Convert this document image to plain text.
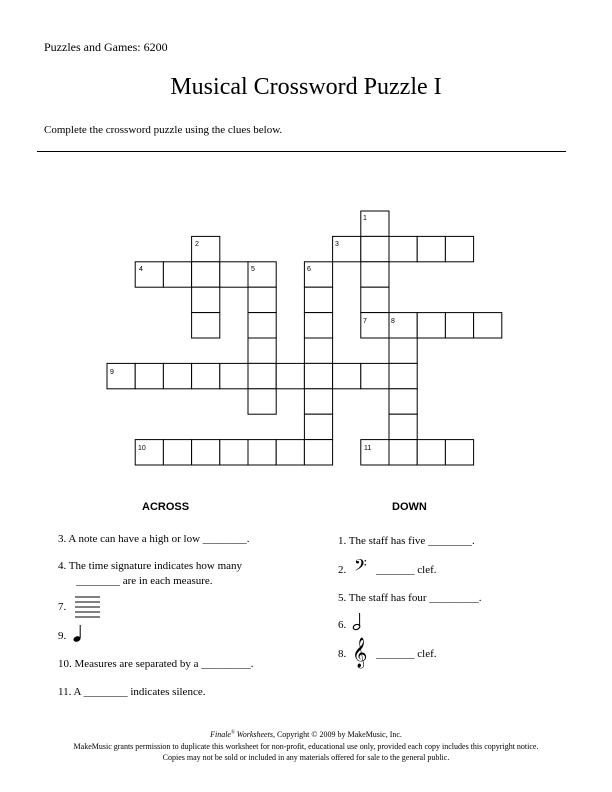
Puzzles and Games: 6200
Musical Crossword Puzzle I
Complete the crossword puzzle using the clues below.
1
2	3
4	5	6
7	8
9
10	11
ACROSS	DOWN
3. A note can have a high or low ________.
4. The time signature indicates how many
________ are in each measure.
7.
9.
10. Measures are separated by a _________.
11. A ________ indicates silence.
1. The staff has five ________.
2. 𝄢 _______ clef.
5. The staff has four _________.
6.
8. 𝄞 _______ clef.
Finale® Worksheets, Copyright © 2009 by MakeMusic, Inc.
MakeMusic grants permission to duplicate this worksheet for non-profit, educational use only, provided each copy includes this copyright notice.
Copies may not be sold or included in any materials offered for sale to the general public.
